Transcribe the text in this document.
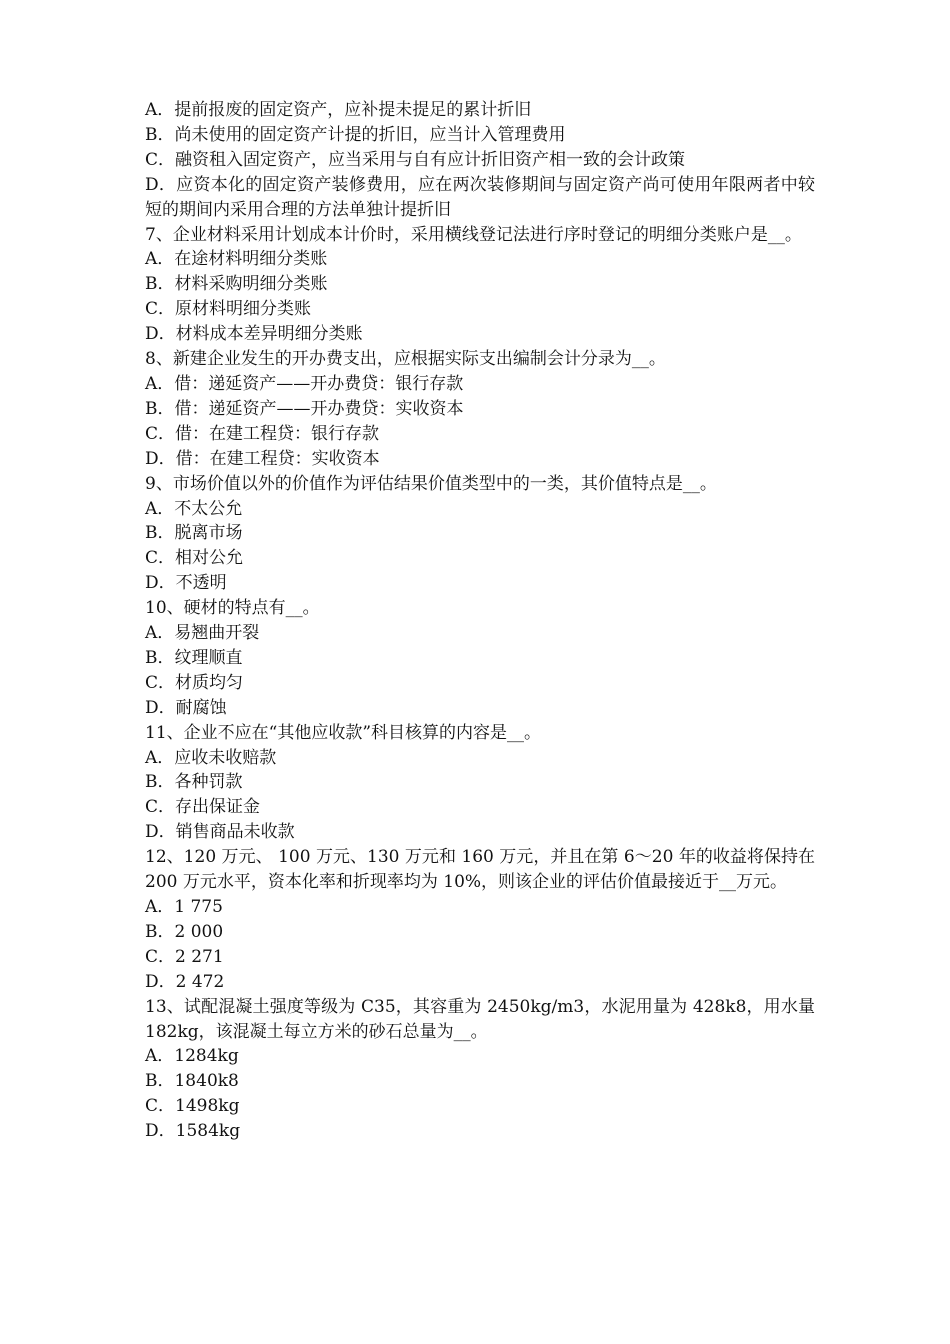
A．提前报废的固定资产，应补提未提足的累计折旧
B．尚未使用的固定资产计提的折旧，应当计入管理费用
C．融资租入固定资产，应当采用与自有应计折旧资产相一致的会计政策
D．应资本化的固定资产装修费用，应在两次装修期间与固定资产尚可使用年限两者中较短的期间内采用合理的方法单独计提折旧
7、企业材料采用计划成本计价时，采用横线登记法进行序时登记的明细分类账户是__。
A．在途材料明细分类账
B．材料采购明细分类账
C．原材料明细分类账
D．材料成本差异明细分类账
8、新建企业发生的开办费支出，应根据实际支出编制会计分录为__。
A．借：递延资产——开办费贷：银行存款
B．借：递延资产——开办费贷：实收资本
C．借：在建工程贷：银行存款
D．借：在建工程贷：实收资本
9、市场价值以外的价值作为评估结果价值类型中的一类，其价值特点是__。
A．不太公允
B．脱离市场
C．相对公允
D．不透明
10、硬材的特点有__。
A．易翘曲开裂
B．纹理顺直
C．材质均匀
D．耐腐蚀
11、企业不应在“其他应收款”科目核算的内容是__。
A．应收未收赔款
B．各种罚款
C．存出保证金
D．销售商品未收款
12、120 万元、 100 万元、130 万元和 160 万元，并且在第 6～20 年的收益将保持在 200 万元水平，资本化率和折现率均为 10%，则该企业的评估价值最接近于__万元。
A．1 775
B．2 000
C．2 271
D．2 472
13、试配混凝土强度等级为 C35，其容重为 2450kg/m3，水泥用量为 428k8，用水量 182kg，该混凝土每立方米的砂石总量为__。
A．1284kg
B．1840k8
C．1498kg
D．1584kg
